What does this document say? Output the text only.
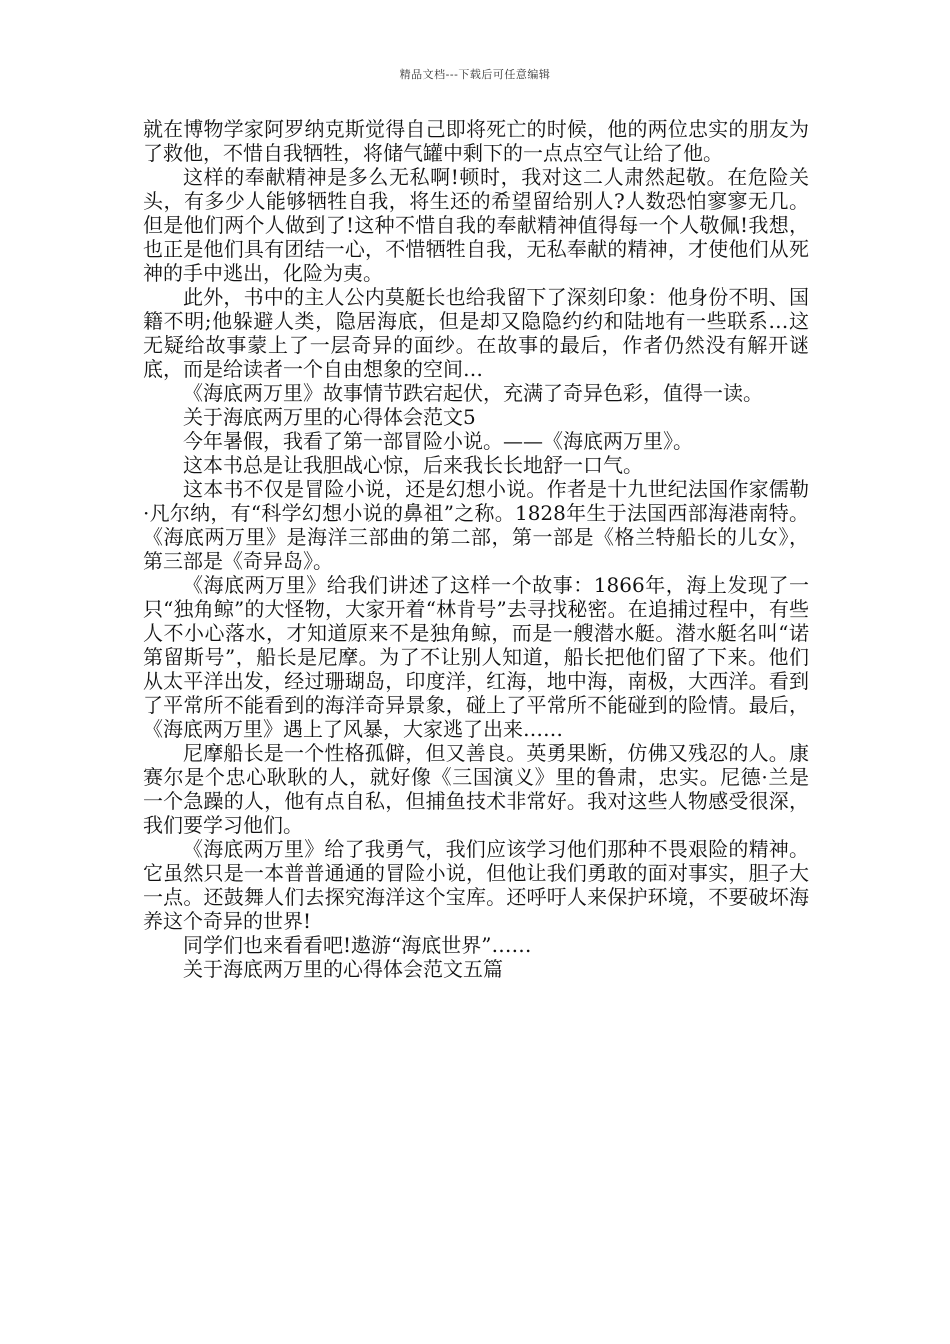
精品文档---下载后可任意编辑

就在博物学家阿罗纳克斯觉得自己即将死亡的时候，他的两位忠实的朋友为了救他，不惜自我牺牲，将储气罐中剩下的一点点空气让给了他。

这样的奉献精神是多么无私啊!顿时，我对这二人肃然起敬。在危险关头，有多少人能够牺牲自我，将生还的希望留给别人?人数恐怕寥寥无几。但是他们两个人做到了!这种不惜自我的奉献精神值得每一个人敬佩!我想，也正是他们具有团结一心，不惜牺牲自我，无私奉献的精神，才使他们从死神的手中逃出，化险为夷。

此外，书中的主人公内莫艇长也给我留下了深刻印象：他身份不明、国籍不明;他躲避人类，隐居海底，但是却又隐隐约约和陆地有一些联系…这无疑给故事蒙上了一层奇异的面纱。在故事的最后，作者仍然没有解开谜底，而是给读者一个自由想象的空间…

《海底两万里》故事情节跌宕起伏，充满了奇异色彩，值得一读。

关于海底两万里的心得体会范文5

今年暑假，我看了第一部冒险小说。——《海底两万里》。

这本书总是让我胆战心惊，后来我长长地舒一口气。

这本书不仅是冒险小说，还是幻想小说。作者是十九世纪法国作家儒勒·凡尔纳，有“科学幻想小说的鼻祖”之称。1828年生于法国西部海港南特。《海底两万里》是海洋三部曲的第二部，第一部是《格兰特船长的儿女》，第三部是《奇异岛》。

《海底两万里》给我们讲述了这样一个故事：1866年，海上发现了一只“独角鲸”的大怪物，大家开着“林肯号”去寻找秘密。在追捕过程中，有些人不小心落水，才知道原来不是独角鲸，而是一艘潜水艇。潜水艇名叫“诺第留斯号”，船长是尼摩。为了不让别人知道，船长把他们留了下来。他们从太平洋出发，经过珊瑚岛，印度洋，红海，地中海，南极，大西洋。看到了平常所不能看到的海洋奇异景象，碰上了平常所不能碰到的险情。最后，《海底两万里》遇上了风暴，大家逃了出来……

尼摩船长是一个性格孤僻，但又善良。英勇果断，仿佛又残忍的人。康赛尔是个忠心耿耿的人，就好像《三国演义》里的鲁肃，忠实。尼德·兰是一个急躁的人，他有点自私，但捕鱼技术非常好。我对这些人物感受很深，我们要学习他们。

《海底两万里》给了我勇气，我们应该学习他们那种不畏艰险的精神。它虽然只是一本普普通通的冒险小说，但他让我们勇敢的面对事实，胆子大一点。还鼓舞人们去探究海洋这个宝库。还呼吁人来保护环境，不要破坏海养这个奇异的世界!

同学们也来看看吧!遨游“海底世界”……

关于海底两万里的心得体会范文五篇
